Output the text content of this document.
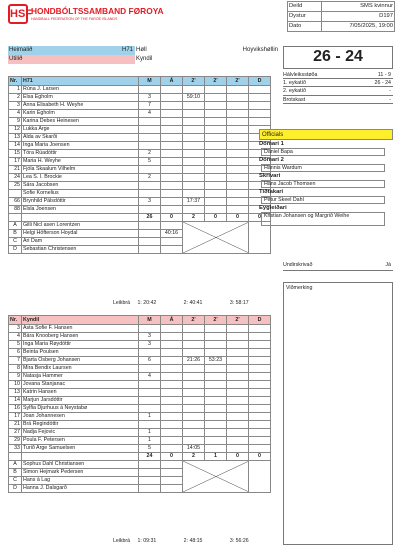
HSF HONDBÓLTSSAMBAND FØROYA
HANDBALL FEDERATION OF THE FAROE ISLANDS
Deild	SMS kvinnur
Dystur	D197
Dato	7/05/2025, 19:00
Heimalið H71	Høll Hoyvikshøllin

Útilið	Kyndil
Nr.	H71	M	Á	2'	2'	2'	D
1	Rúna J. Larsen						
2	Elsa Egholm	3		59:10			
3	Anna Elisabeth H. Weyhe	7					
4	Karin Egholm	4					
9	Karina Debes Heinesen						
12	Lukka Arge						
13	Alda av Skarði						
14	Inga Maria Joensen						
15	Tóra Rúadóttir	2					
17	Maria H. Weyhe	5					
21	Fjóla Skaalum Vilhelm						
24	Lea S. I. Brockie	2					
25	Sára Jacobsen						
	Sofie Kornelius						
66	Brynhild Pálsdóttir	3		17:37			
88	Elsla Joensen						
		26	0	2	0	0	0
A	Gilli Nicl asen Lorentzen			

B	Helgi Höfterson Hoydal		40:16				
C	Ári Dam						
D	Sebastian Christensen						
Nr.	Kyndil	M	Á	2'	2'	2'	D
3	Asta Sofie F. Hansen						
4	Bára Knooberg Hansen	3					
5	Inga Maria Røydóttir	3					
6	Beinta Poulsen						
7	Bjarta Osberg Johansen	6		21:26	53:23		
8	Mira Bendix Laursen						
9	Natasja Hammer	4					
10	Jovana Stanjanac						
13	Katrin Hansen						
14	Marjun Jarsdóttir						
16	Sylfia Djurhuus á Neystabø						
17	Joan Johannesen	1					
21	Brá Regindóttir						
27	Nadja Fejovic	1					
29	Poula F. Petersen	1					
33	Turið Arge Samuelsen	5		14:05			
		24	0	2	1	0	0
A	Sophus Dahl Christiansen			

B	Simon Hejmark Pedersen						
C	Hans á Lag						
D	Hanna J. Dalsgarð						
26 - 24
Hálvleiksstøða	11 - 9
1. eykatíð	26 - 24
2. eykatíð	-
Brotskast	-
Officials
Dómari 1
Daniel Bapa
Dómari 2
Hannis Wardum
Skrivari
Hans Jacob Thomsen
Tíðtakari
Petur Skeel Dahl
Eygleiðari
Kristian Johansen og Margrið Weihe
Undirskrivað	Já
Viðmerking
Leikbrá 1: 20:42	2: 40:41	3: 58:17
Leikbrá 1: 09:31	2: 48:15	3: 56:26
